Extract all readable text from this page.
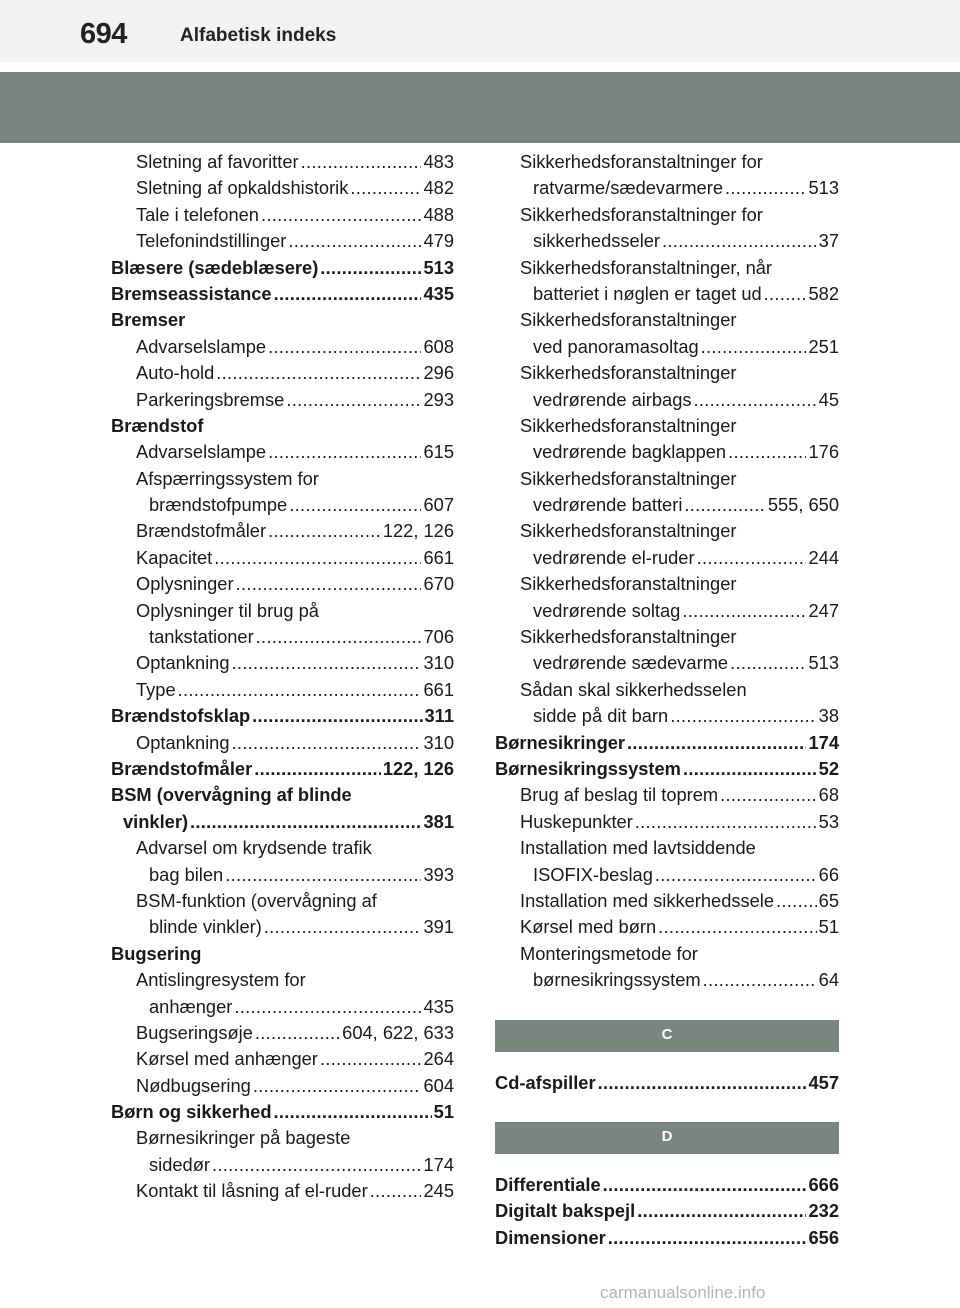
694	Alfabetisk indeks
Sletning af favoritter .....	483
Sletning af opkaldshistorik .....	482
Tale i telefonen .....	488
Telefonindstillinger .....	479
Blæsere (sædeblæsere) .....	513
Bremseassistance .....	435
Bremser
Advarselslampe .....	608
Auto-hold .....	296
Parkeringsbremse .....	293
Brændstof
Advarselslampe .....	615
Afspærringssystem for
brændstofpumpe .....	607
Brændstofmåler .....	122, 126
Kapacitet .....	661
Oplysninger .....	670
Oplysninger til brug på
tankstationer .....	706
Optankning .....	310
Type .....	661
Brændstofsklap .....	311
Optankning .....	310
Brændstofmåler .....	122, 126
BSM (overvågning af blinde
vinkler) .....	381
Advarsel om krydsende trafik
bag bilen .....	393
BSM-funktion (overvågning af
blinde vinkler) .....	391
Bugsering
Antislingresystem for
anhænger .....	435
Bugseringsøje .....	604, 622, 633
Kørsel med anhænger .....	264
Nødbugsering .....	604
Børn og sikkerhed .....	51
Børnesikringer på bageste
sidedør .....	174
Kontakt til låsning af el-ruder .....	245
Sikkerhedsforanstaltninger for
ratvarme/sædevarmere .....	513
Sikkerhedsforanstaltninger for
sikkerhedsseler .....	37
Sikkerhedsforanstaltninger, når
batteriet i nøglen er taget ud .....	582
Sikkerhedsforanstaltninger
ved panoramasoltag .....	251
Sikkerhedsforanstaltninger
vedrørende airbags .....	45
Sikkerhedsforanstaltninger
vedrørende bagklappen .....	176
Sikkerhedsforanstaltninger
vedrørende batteri .....	555, 650
Sikkerhedsforanstaltninger
vedrørende el-ruder .....	244
Sikkerhedsforanstaltninger
vedrørende soltag .....	247
Sikkerhedsforanstaltninger
vedrørende sædevarme .....	513
Sådan skal sikkerhedsselen
sidde på dit barn .....	38
Børnesikringer .....	174
Børnesikringssystem .....	52
Brug af beslag til toprem .....	68
Huskepunkter .....	53
Installation med lavtsiddende
ISOFIX-beslag .....	66
Installation med sikkerhedssele ..... 65
Kørsel med børn .....	51
Monteringsmetode for
børnesikringssystem .....	64
C
Cd-afspiller .....	457
D
Differentiale .....	666
Digitalt bakspejl .....	232
Dimensioner .....	656
carmanualsonline.info
